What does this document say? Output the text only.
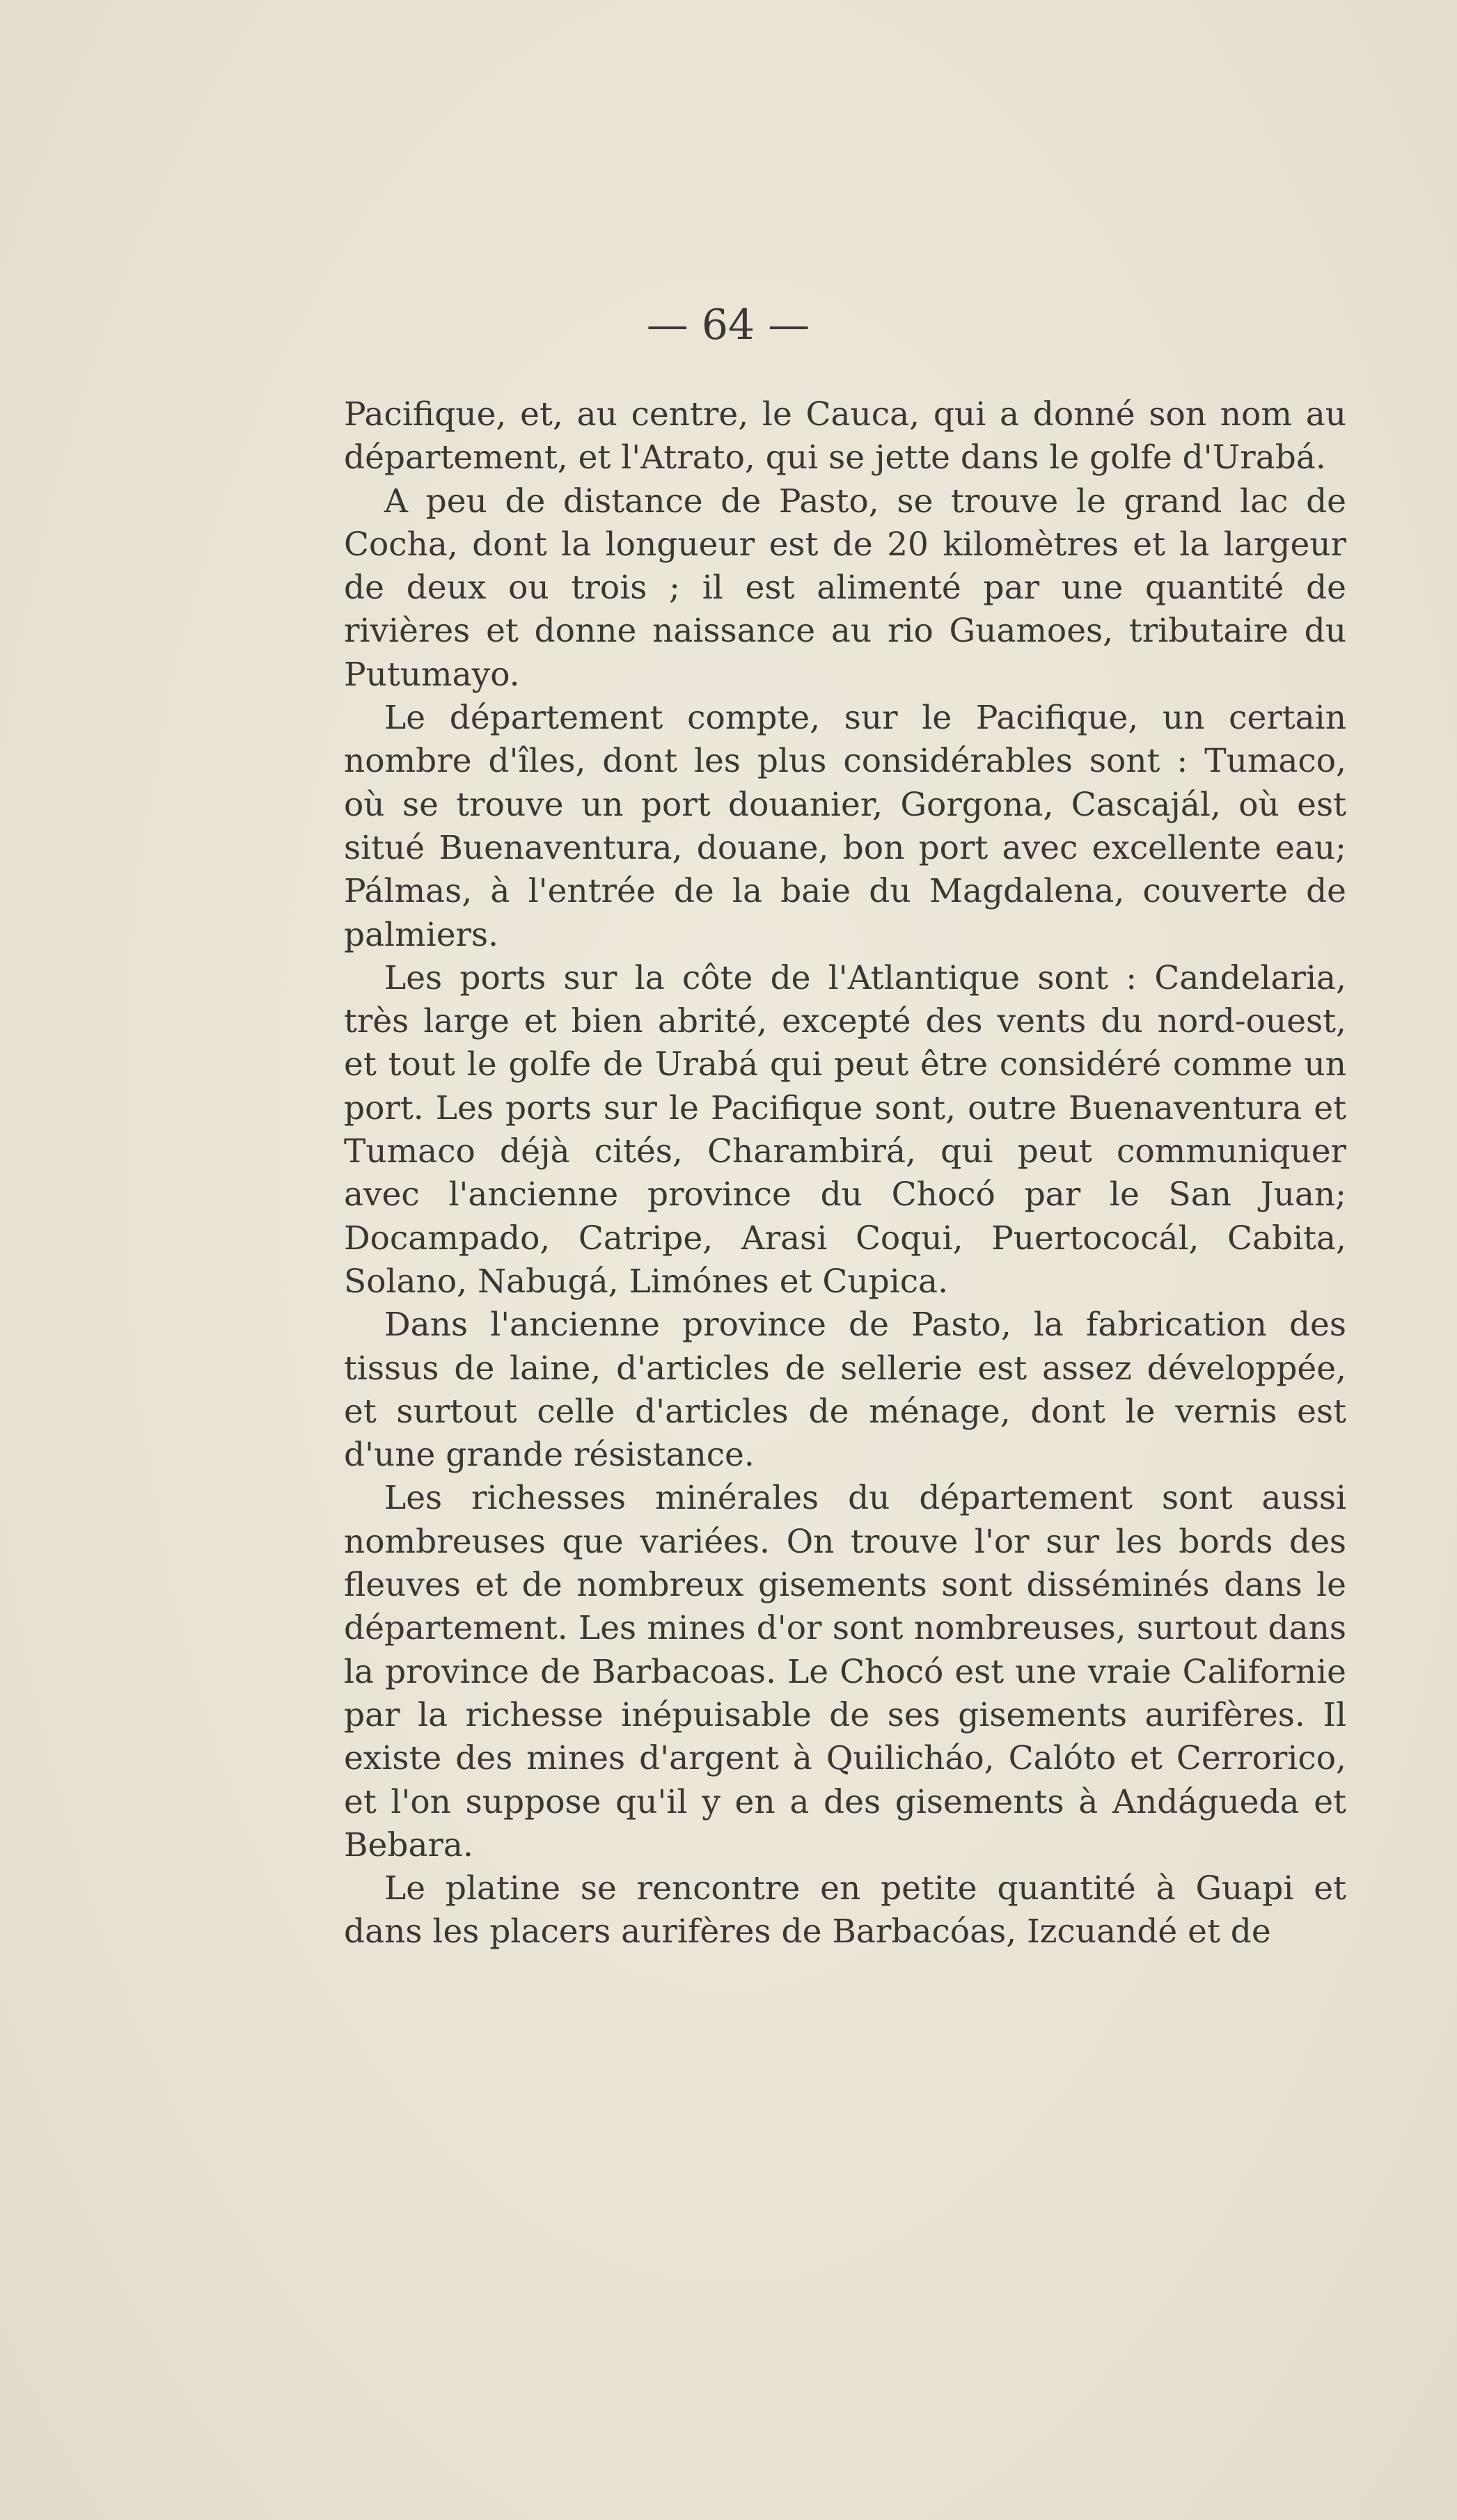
— 64 —

Pacifique, et, au centre, le Cauca, qui a donné son nom au département, et l'Atrato, qui se jette dans le golfe d'Urabá.

A peu de distance de Pasto, se trouve le grand lac de Cocha, dont la longueur est de 20 kilomètres et la largeur de deux ou trois ; il est alimenté par une quantité de rivières et donne naissance au rio Guamoes, tributaire du Putumayo.

Le département compte, sur le Pacifique, un certain nombre d'îles, dont les plus considérables sont : Tumaco, où se trouve un port douanier, Gorgona, Cascajál, où est situé Buenaventura, douane, bon port avec excellente eau; Pálmas, à l'entrée de la baie du Magdalena, couverte de palmiers.

Les ports sur la côte de l'Atlantique sont : Candelaria, très large et bien abrité, excepté des vents du nord-ouest, et tout le golfe de Urabá qui peut être considéré comme un port. Les ports sur le Pacifique sont, outre Buenaventura et Tumaco déjà cités, Charambirá, qui peut communiquer avec l'ancienne province du Chocó par le San Juan; Docampado, Catripe, Arasi Coqui, Puertococál, Cabita, Solano, Nabugá, Limónes et Cupica.

Dans l'ancienne province de Pasto, la fabrication des tissus de laine, d'articles de sellerie est assez développée, et surtout celle d'articles de ménage, dont le vernis est d'une grande résistance.

Les richesses minérales du département sont aussi nombreuses que variées. On trouve l'or sur les bords des fleuves et de nombreux gisements sont disséminés dans le département. Les mines d'or sont nombreuses, surtout dans la province de Barbacoas. Le Chocó est une vraie Californie par la richesse inépuisable de ses gisements aurifères. Il existe des mines d'argent à Quilicháo, Calóto et Cerrorico, et l'on suppose qu'il y en a des gisements à Andágueda et Bebara.

Le platine se rencontre en petite quantité à Guapi et dans les placers aurifères de Barbacóas, Izcuandé et de
